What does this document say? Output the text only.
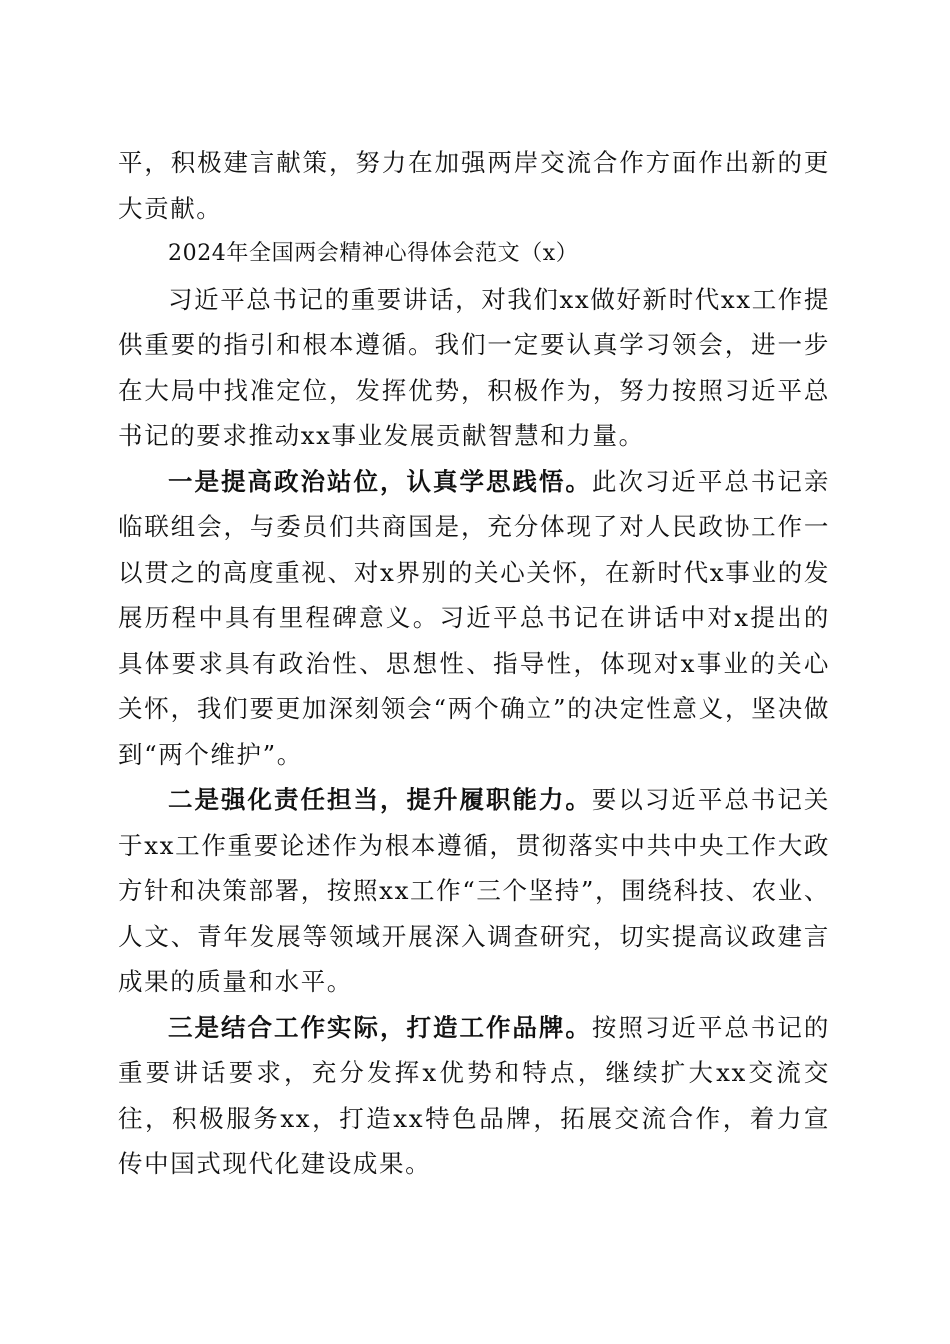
平，积极建言献策，努力在加强两岸交流合作方面作出新的更大贡献。

2024年全国两会精神心得体会范文（x）

习近平总书记的重要讲话，对我们xx做好新时代xx工作提供重要的指引和根本遵循。我们一定要认真学习领会，进一步在大局中找准定位，发挥优势，积极作为，努力按照习近平总书记的要求推动xx事业发展贡献智慧和力量。

一是提高政治站位，认真学思践悟。此次习近平总书记亲临联组会，与委员们共商国是，充分体现了对人民政协工作一以贯之的高度重视、对x界别的关心关怀，在新时代x事业的发展历程中具有里程碑意义。习近平总书记在讲话中对x提出的具体要求具有政治性、思想性、指导性，体现对x事业的关心关怀，我们要更加深刻领会“两个确立”的决定性意义，坚决做到“两个维护”。

二是强化责任担当，提升履职能力。要以习近平总书记关于xx工作重要论述作为根本遵循，贯彻落实中共中央工作大政方针和决策部署，按照xx工作“三个坚持”，围绕科技、农业、人文、青年发展等领域开展深入调查研究，切实提高议政建言成果的质量和水平。

三是结合工作实际，打造工作品牌。按照习近平总书记的重要讲话要求，充分发挥x优势和特点，继续扩大xx交流交往，积极服务xx，打造xx特色品牌，拓展交流合作，着力宣传中国式现代化建设成果。
